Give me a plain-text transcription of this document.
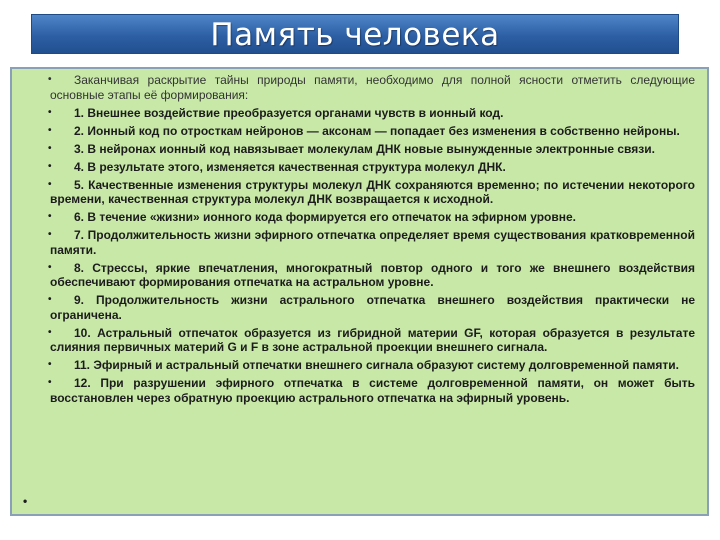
Память человека

• Заканчивая раскрытие тайны природы памяти, необходимо для полной ясности отметить следующие основные этапы её формирования:

• 1. Внешнее воздействие преобразуется органами чувств в ионный код.

• 2. Ионный код по отросткам нейронов — аксонам — попадает без изменения в собственно нейроны.

• 3. В нейронах ионный код навязывает молекулам ДНК новые вынужденные электронные связи.

• 4. В результате этого, изменяется качественная структура молекул ДНК.

• 5. Качественные изменения структуры молекул ДНК сохраняются временно; по истечении некоторого времени, качественная структура молекул ДНК возвращается к исходной.

• 6. В течение «жизни» ионного кода формируется его отпечаток на эфирном уровне.

• 7. Продолжительность жизни эфирного отпечатка определяет время существования кратковременной памяти.

• 8. Стрессы, яркие впечатления, многократный повтор одного и того же внешнего воздействия обеспечивают формирования отпечатка на астральном уровне.

• 9. Продолжительность жизни астрального отпечатка внешнего воздействия практически не ограничена.

• 10. Астральный отпечаток образуется из гибридной материи GF, которая образуется в результате слияния первичных материй G и F в зоне астральной проекции внешнего сигнала.

• 11. Эфирный и астральный отпечатки внешнего сигнала образуют систему долговременной памяти.

• 12. При разрушении эфирного отпечатка в системе долговременной памяти, он может быть восстановлен через обратную проекцию астрального отпечатка на эфирный уровень.

•
